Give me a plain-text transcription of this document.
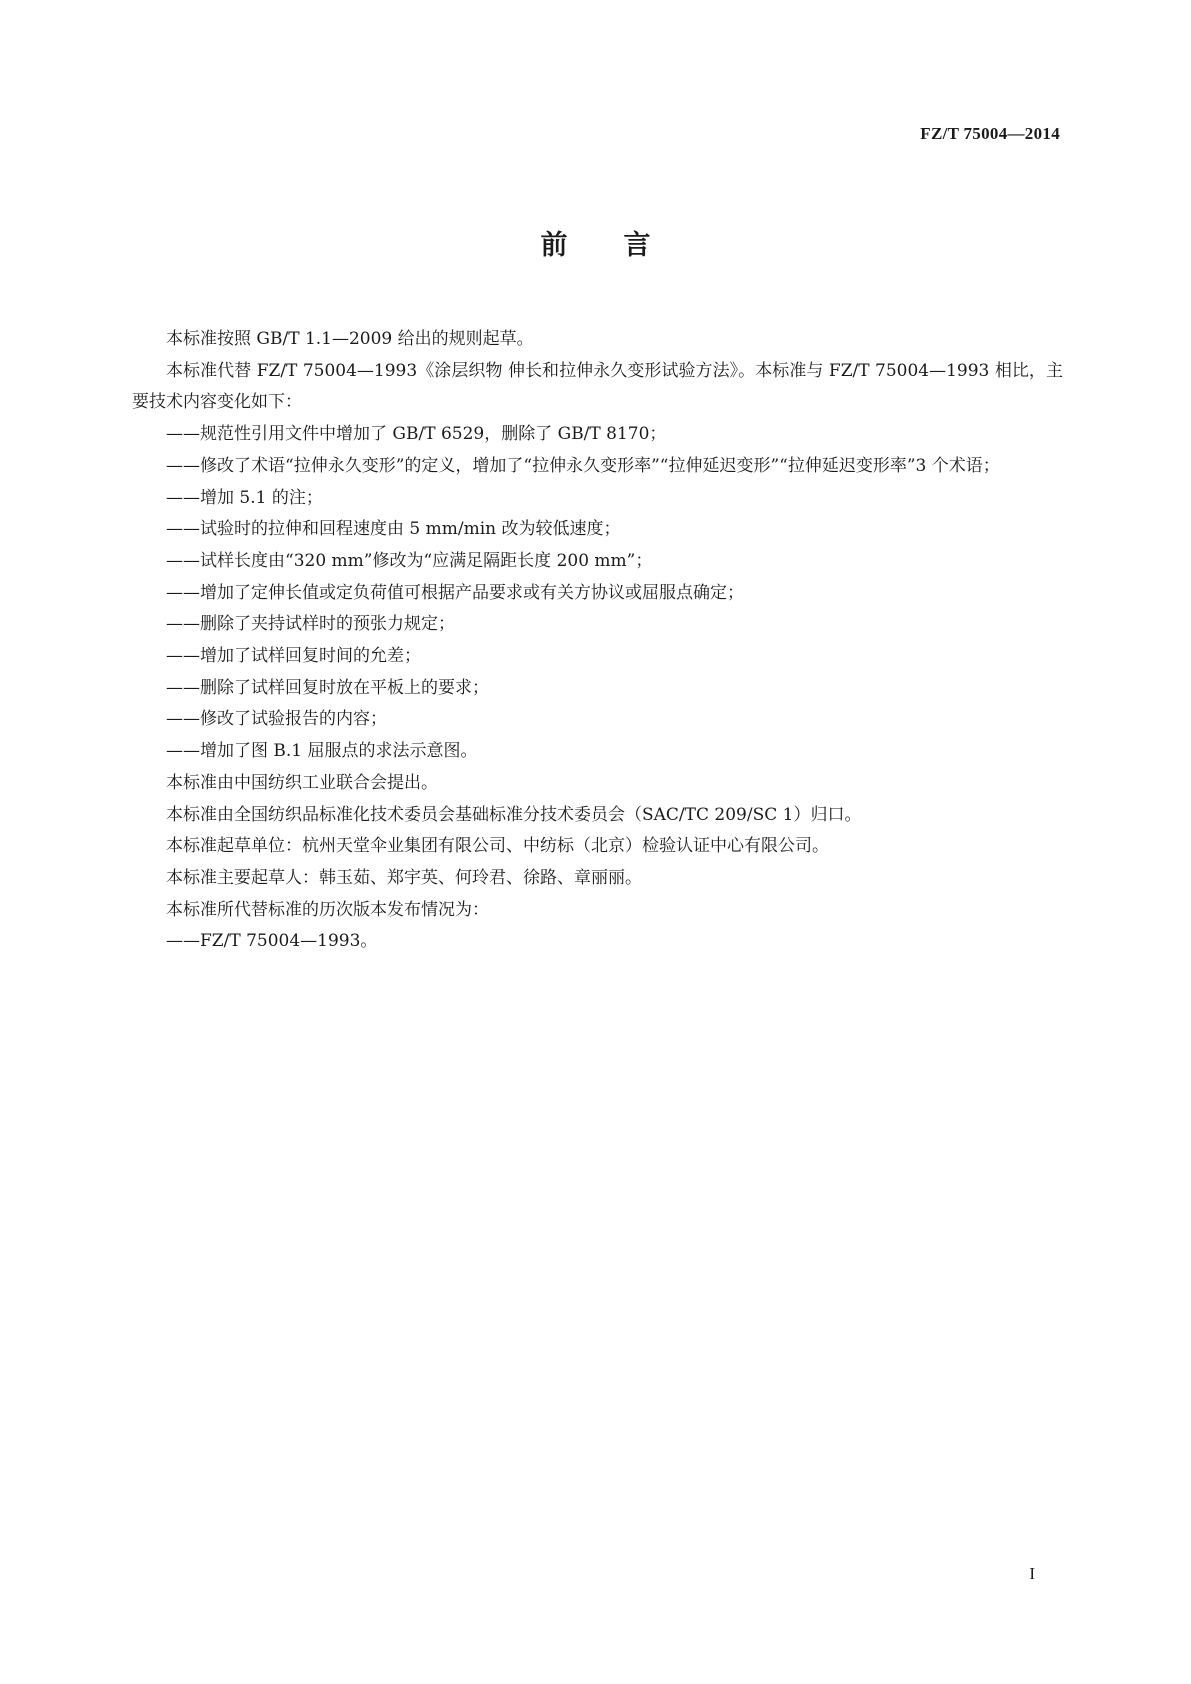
FZ/T 75004—2014
前言

本标准按照 GB/T 1.1—2009 给出的规则起草。

本标准代替 FZ/T 75004—1993《涂层织物 伸长和拉伸永久变形试验方法》。本标准与 FZ/T 75004—1993 相比，主要技术内容变化如下：

——规范性引用文件中增加了 GB/T 6529，删除了 GB/T 8170；

——修改了术语“拉伸永久变形”的定义，增加了“拉伸永久变形率”“拉伸延迟变形”“拉伸延迟变形率”3 个术语；

——增加 5.1 的注；

——试验时的拉伸和回程速度由 5 mm/min 改为较低速度；

——试样长度由“320 mm”修改为“应满足隔距长度 200 mm”；

——增加了定伸长值或定负荷值可根据产品要求或有关方协议或屈服点确定；

——删除了夹持试样时的预张力规定；

——增加了试样回复时间的允差；

——删除了试样回复时放在平板上的要求；

——修改了试验报告的内容；

——增加了图 B.1 屈服点的求法示意图。

本标准由中国纺织工业联合会提出。

本标准由全国纺织品标准化技术委员会基础标准分技术委员会（SAC/TC 209/SC 1）归口。

本标准起草单位：杭州天堂伞业集团有限公司、中纺标（北京）检验认证中心有限公司。

本标准主要起草人：韩玉茹、郑宇英、何玲君、徐路、章丽丽。

本标准所代替标准的历次版本发布情况为：

——FZ/T 75004—1993。

I
